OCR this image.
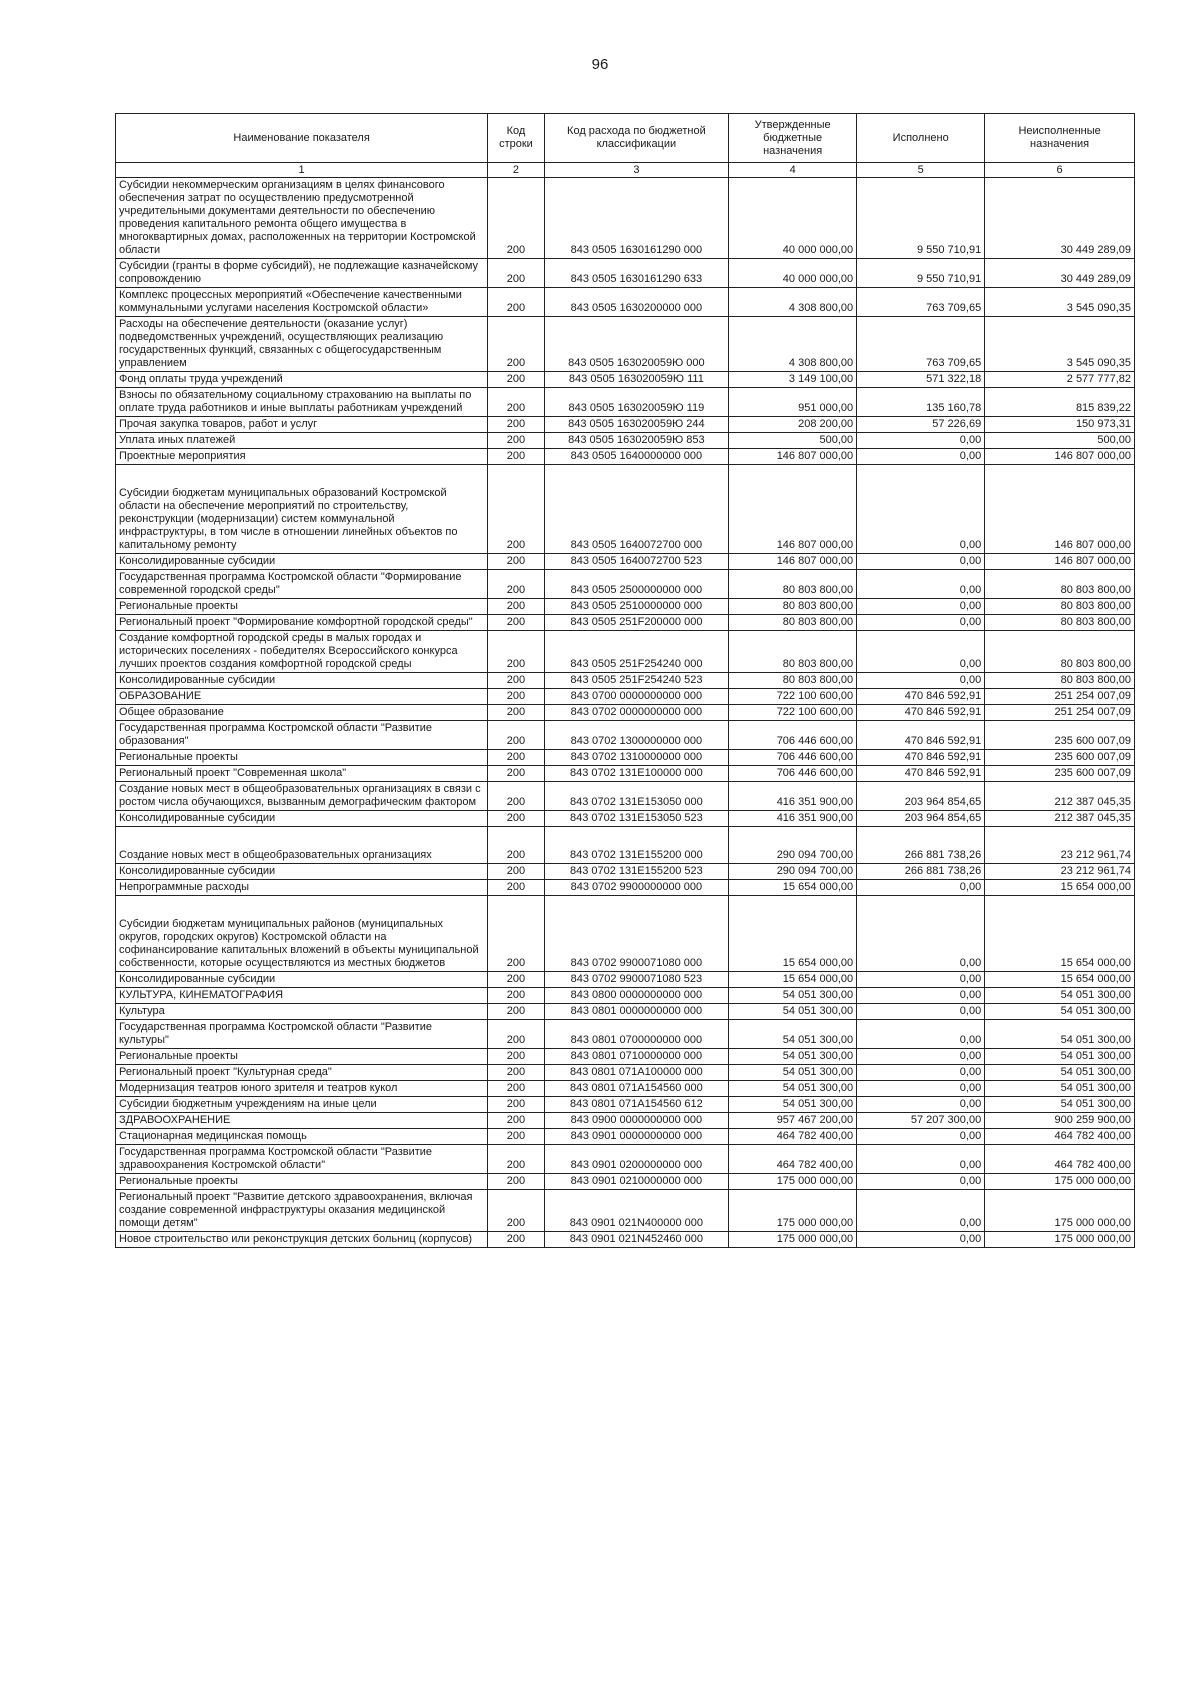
96
Наименование показателя	Код строки	Код расхода по бюджетной классификации	Утвержденные бюджетные назначения	Исполнено	Неисполненные назначения
1	2	3	4	5	6
Субсидии некоммерческим организациям в целях финансового обеспечения затрат по осуществлению предусмотренной учредительными документами деятельности по обеспечению проведения капитального ремонта общего имущества в многоквартирных домах, расположенных на территории Костромской области	200	843 0505 1630161290 000	40 000 000,00	9 550 710,91	30 449 289,09
Субсидии (гранты в форме субсидий), не подлежащие казначейскому сопровождению	200	843 0505 1630161290 633	40 000 000,00	9 550 710,91	30 449 289,09
Комплекс процессных мероприятий «Обеспечение качественными коммунальными услугами населения Костромской области»	200	843 0505 1630200000 000	4 308 800,00	763 709,65	3 545 090,35
Расходы на обеспечение деятельности (оказание услуг) подведомственных учреждений, осуществляющих реализацию государственных функций, связанных с общегосударственным управлением	200	843 0505 163020059Ю 000	4 308 800,00	763 709,65	3 545 090,35
Фонд оплаты труда учреждений	200	843 0505 163020059Ю 111	3 149 100,00	571 322,18	2 577 777,82
Взносы по обязательному социальному страхованию на выплаты по оплате труда работников и иные выплаты работникам учреждений	200	843 0505 163020059Ю 119	951 000,00	135 160,78	815 839,22
Прочая закупка товаров, работ и услуг	200	843 0505 163020059Ю 244	208 200,00	57 226,69	150 973,31
Уплата иных платежей	200	843 0505 163020059Ю 853	500,00	0,00	500,00
Проектные мероприятия	200	843 0505 1640000000 000	146 807 000,00	0,00	146 807 000,00
Субсидии бюджетам муниципальных образований Костромской области на обеспечение мероприятий по строительству, реконструкции (модернизации) систем коммунальной инфраструктуры, в том числе в отношении линейных объектов по капитальному ремонту	200	843 0505 1640072700 000	146 807 000,00	0,00	146 807 000,00
Консолидированные субсидии	200	843 0505 1640072700 523	146 807 000,00	0,00	146 807 000,00
Государственная программа Костромской области "Формирование современной городской среды"	200	843 0505 2500000000 000	80 803 800,00	0,00	80 803 800,00
Региональные проекты	200	843 0505 2510000000 000	80 803 800,00	0,00	80 803 800,00
Региональный проект "Формирование комфортной городской среды"	200	843 0505 251F200000 000	80 803 800,00	0,00	80 803 800,00
Создание комфортной городской среды в малых городах и исторических поселениях - победителях Всероссийского конкурса лучших проектов создания комфортной городской среды	200	843 0505 251F254240 000	80 803 800,00	0,00	80 803 800,00
Консолидированные субсидии	200	843 0505 251F254240 523	80 803 800,00	0,00	80 803 800,00
ОБРАЗОВАНИЕ	200	843 0700 0000000000 000	722 100 600,00	470 846 592,91	251 254 007,09
Общее образование	200	843 0702 0000000000 000	722 100 600,00	470 846 592,91	251 254 007,09
Государственная программа Костромской области "Развитие образования"	200	843 0702 1300000000 000	706 446 600,00	470 846 592,91	235 600 007,09
Региональные проекты	200	843 0702 1310000000 000	706 446 600,00	470 846 592,91	235 600 007,09
Региональный проект "Современная школа"	200	843 0702 131E100000 000	706 446 600,00	470 846 592,91	235 600 007,09
Создание новых мест в общеобразовательных организациях в связи с ростом числа обучающихся, вызванным демографическим фактором	200	843 0702 131E153050 000	416 351 900,00	203 964 854,65	212 387 045,35
Консолидированные субсидии	200	843 0702 131E153050 523	416 351 900,00	203 964 854,65	212 387 045,35
Создание новых мест в общеобразовательных организациях	200	843 0702 131E155200 000	290 094 700,00	266 881 738,26	23 212 961,74
Консолидированные субсидии	200	843 0702 131E155200 523	290 094 700,00	266 881 738,26	23 212 961,74
Непрограммные расходы	200	843 0702 9900000000 000	15 654 000,00	0,00	15 654 000,00
Субсидии бюджетам муниципальных районов (муниципальных округов, городских округов) Костромской области на софинансирование капитальных вложений в объекты муниципальной собственности, которые осуществляются из местных бюджетов	200	843 0702 9900071080 000	15 654 000,00	0,00	15 654 000,00
Консолидированные субсидии	200	843 0702 9900071080 523	15 654 000,00	0,00	15 654 000,00
КУЛЬТУРА, КИНЕМАТОГРАФИЯ	200	843 0800 0000000000 000	54 051 300,00	0,00	54 051 300,00
Культура	200	843 0801 0000000000 000	54 051 300,00	0,00	54 051 300,00
Государственная программа Костромской области "Развитие культуры"	200	843 0801 0700000000 000	54 051 300,00	0,00	54 051 300,00
Региональные проекты	200	843 0801 0710000000 000	54 051 300,00	0,00	54 051 300,00
Региональный проект "Культурная среда"	200	843 0801 071A100000 000	54 051 300,00	0,00	54 051 300,00
Модернизация театров юного зрителя и театров кукол	200	843 0801 071A154560 000	54 051 300,00	0,00	54 051 300,00
Субсидии бюджетным учреждениям на иные цели	200	843 0801 071A154560 612	54 051 300,00	0,00	54 051 300,00
ЗДРАВООХРАНЕНИЕ	200	843 0900 0000000000 000	957 467 200,00	57 207 300,00	900 259 900,00
Стационарная медицинская помощь	200	843 0901 0000000000 000	464 782 400,00	0,00	464 782 400,00
Государственная программа Костромской области "Развитие здравоохранения Костромской области"	200	843 0901 0200000000 000	464 782 400,00	0,00	464 782 400,00
Региональные проекты	200	843 0901 0210000000 000	175 000 000,00	0,00	175 000 000,00
Региональный проект "Развитие детского здравоохранения, включая создание современной инфраструктуры оказания медицинской помощи детям"	200	843 0901 021N400000 000	175 000 000,00	0,00	175 000 000,00
Новое строительство или реконструкция детских больниц (корпусов)	200	843 0901 021N452460 000	175 000 000,00	0,00	175 000 000,00
